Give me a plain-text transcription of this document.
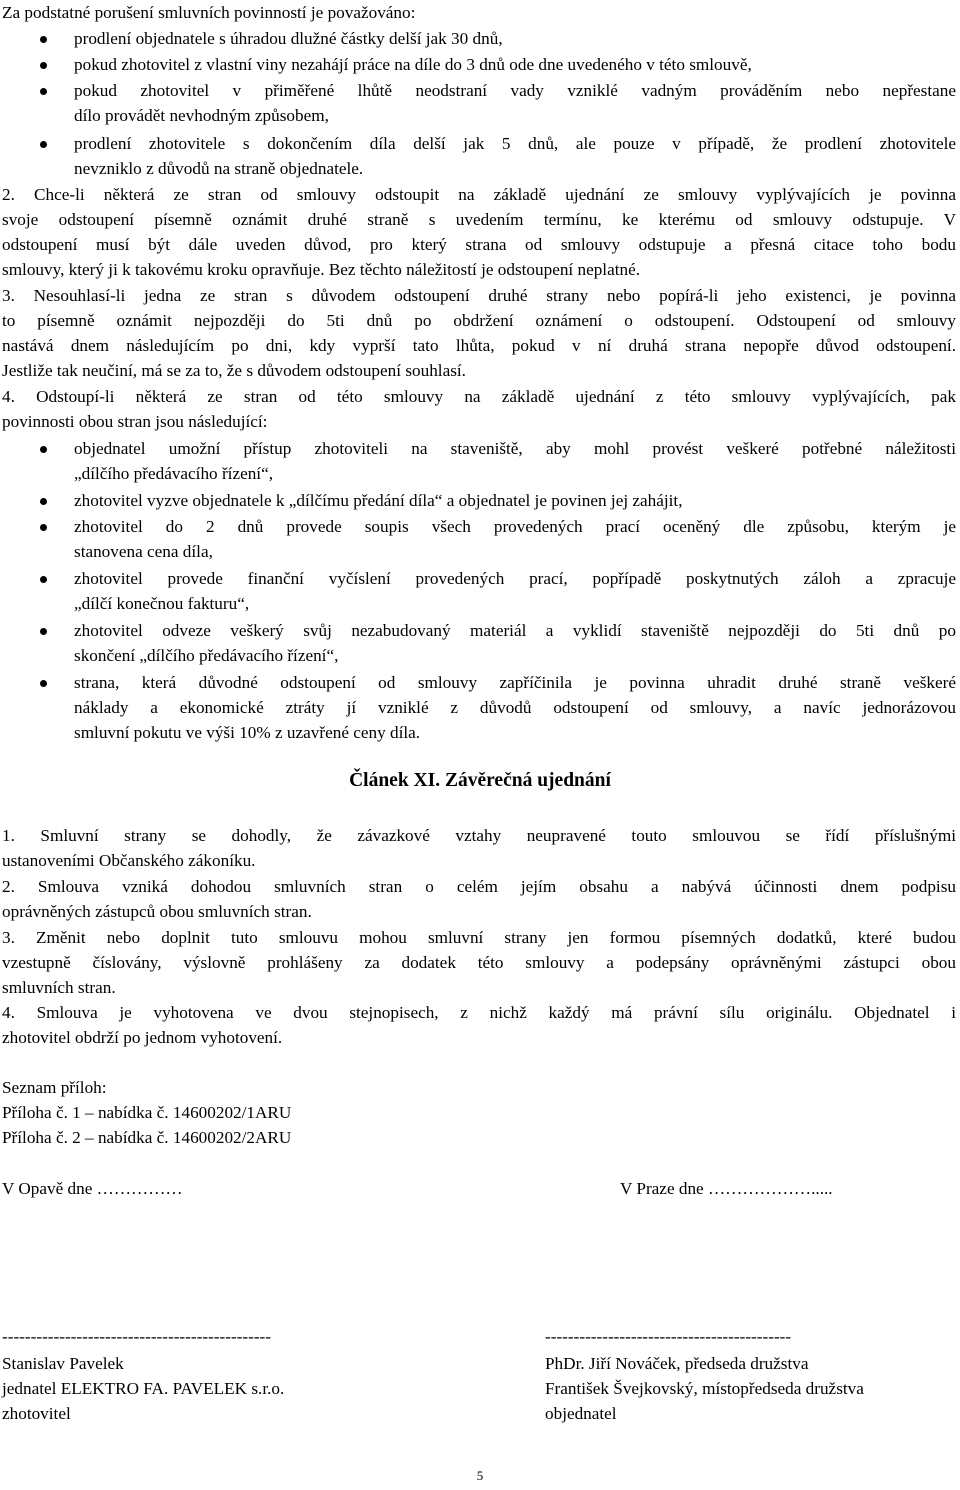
Za podstatné porušení smluvních povinností je považováno:
prodlení objednatele s úhradou dlužné částky delší jak 30 dnů,
pokud zhotovitel z vlastní viny nezahájí práce na díle do 3 dnů ode dne uvedeného v této smlouvě,
pokud zhotovitel v přiměřené lhůtě neodstraní vady vzniklé vadným prováděním nebo nepřestane
dílo provádět nevhodným způsobem,
prodlení zhotovitele s dokončením díla delší jak 5 dnů, ale pouze v případě, že prodlení zhotovitele
nevzniklo z důvodů na straně objednatele.
2. Chce-li některá ze stran od smlouvy odstoupit na základě ujednání ze smlouvy vyplývajících je povinna
svoje odstoupení písemně oznámit druhé straně s uvedením termínu, ke kterému od smlouvy odstupuje. V
odstoupení musí být dále uveden důvod, pro který strana od smlouvy odstupuje a přesná citace toho bodu
smlouvy, který ji k takovému kroku opravňuje. Bez těchto náležitostí je odstoupení neplatné.
3. Nesouhlasí-li jedna ze stran s důvodem odstoupení druhé strany nebo popírá-li jeho existenci, je povinna
to písemně oznámit nejpozději do 5ti dnů po obdržení oznámení o odstoupení. Odstoupení od smlouvy
nastává dnem následujícím po dni, kdy vyprší tato lhůta, pokud v ní druhá strana nepopře důvod odstoupení.
Jestliže tak neučiní, má se za to, že s důvodem odstoupení souhlasí.
4. Odstoupí-li některá ze stran od této smlouvy na základě ujednání z této smlouvy vyplývajících, pak
povinnosti obou stran jsou následující:
objednatel umožní přístup zhotoviteli na staveniště, aby mohl provést veškeré potřebné náležitosti
„dílčího předávacího řízení“,
zhotovitel vyzve objednatele k „dílčímu předání díla“ a objednatel je povinen jej zahájit,
zhotovitel do 2 dnů provede soupis všech provedených prací oceněný dle způsobu, kterým je
stanovena cena díla,
zhotovitel provede finanční vyčíslení provedených prací, popřípadě poskytnutých záloh a zpracuje
„dílčí konečnou fakturu“,
zhotovitel odveze veškerý svůj nezabudovaný materiál a vyklidí staveniště nejpozději do 5ti dnů po
skončení „dílčího předávacího řízení“,
strana, která důvodné odstoupení od smlouvy zapříčinila je povinna uhradit druhé straně veškeré
náklady a ekonomické ztráty jí vzniklé z důvodů odstoupení od smlouvy, a navíc jednorázovou
smluvní pokutu ve výši 10% z uzavřené ceny díla.
Článek XI. Závěrečná ujednání
1. Smluvní strany se dohodly, že závazkové vztahy neupravené touto smlouvou se řídí příslušnými
ustanoveními Občanského zákoníku.
2. Smlouva vzniká dohodou smluvních stran o celém jejím obsahu a nabývá účinnosti dnem podpisu
oprávněných zástupců obou smluvních stran.
3. Změnit nebo doplnit tuto smlouvu mohou smluvní strany jen formou písemných dodatků, které budou
vzestupně číslovány, výslovně prohlášeny za dodatek této smlouvy a podepsány oprávněnými zástupci obou
smluvních stran.
4. Smlouva je vyhotovena ve dvou stejnopisech, z nichž každý má právní sílu originálu. Objednatel i
zhotovitel obdrží po jednom vyhotovení.
Seznam příloh:
Příloha č. 1 – nabídka č. 14600202/1ARU
Příloha č. 2 – nabídka č. 14600202/2ARU
V Opavě dne ……………	V Praze dne ……………….....
-----------------------------------------------	-------------------------------------------
Stanislav Pavelek	PhDr. Jiří Nováček, předseda družstva
jednatel ELEKTRO FA. PAVELEK s.r.o.	František Švejkovský, místopředseda družstva
zhotovitel	objednatel
5
